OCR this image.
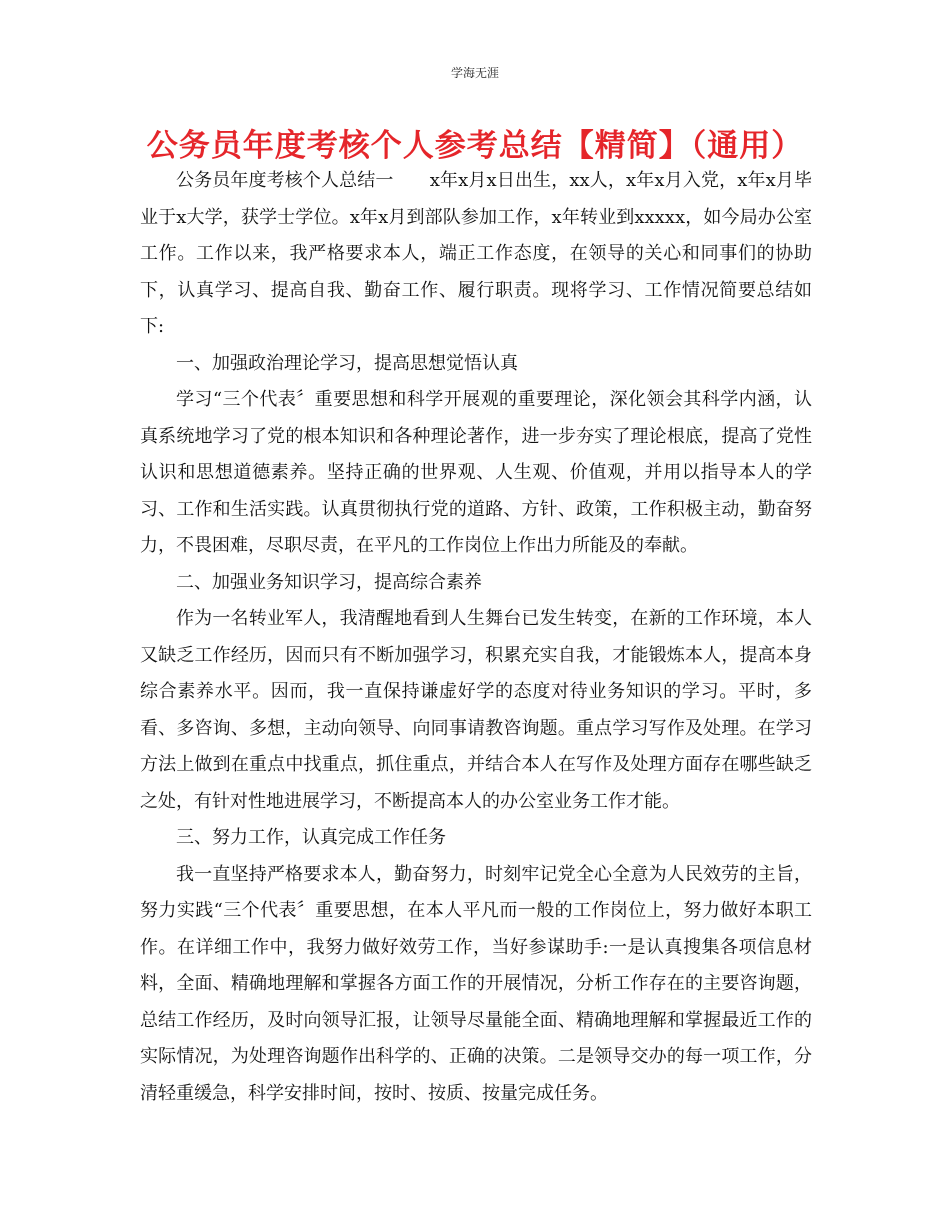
学海无涯
公务员年度考核个人参考总结【精简】（通用）

公务员年度考核个人总结一　　x年x月x日出生，xx人，x年x月入党，x年x月毕业于x大学，获学士学位。x年x月到部队参加工作，x年转业到xxxxx，如今局办公室工作。工作以来，我严格要求本人，端正工作态度，在领导的关心和同事们的协助下，认真学习、提高自我、勤奋工作、履行职责。现将学习、工作情况简要总结如下:

一、加强政治理论学习，提高思想觉悟认真

学习“三个代表〞重要思想和科学开展观的重要理论，深化领会其科学内涵，认真系统地学习了党的根本知识和各种理论著作，进一步夯实了理论根底，提高了党性认识和思想道德素养。坚持正确的世界观、人生观、价值观，并用以指导本人的学习、工作和生活实践。认真贯彻执行党的道路、方针、政策，工作积极主动，勤奋努力，不畏困难，尽职尽责，在平凡的工作岗位上作出力所能及的奉献。

二、加强业务知识学习，提高综合素养

作为一名转业军人，我清醒地看到人生舞台已发生转变，在新的工作环境，本人又缺乏工作经历，因而只有不断加强学习，积累充实自我，才能锻炼本人，提高本身综合素养水平。因而，我一直保持谦虚好学的态度对待业务知识的学习。平时，多看、多咨询、多想，主动向领导、向同事请教咨询题。重点学习写作及处理。在学习方法上做到在重点中找重点，抓住重点，并结合本人在写作及处理方面存在哪些缺乏之处，有针对性地进展学习，不断提高本人的办公室业务工作才能。

三、努力工作，认真完成工作任务

我一直坚持严格要求本人，勤奋努力，时刻牢记党全心全意为人民效劳的主旨，努力实践“三个代表〞重要思想，在本人平凡而一般的工作岗位上，努力做好本职工作。在详细工作中，我努力做好效劳工作，当好参谋助手:一是认真搜集各项信息材料，全面、精确地理解和掌握各方面工作的开展情况，分析工作存在的主要咨询题，总结工作经历，及时向领导汇报，让领导尽量能全面、精确地理解和掌握最近工作的实际情况，为处理咨询题作出科学的、正确的决策。二是领导交办的每一项工作，分清轻重缓急，科学安排时间，按时、按质、按量完成任务。
